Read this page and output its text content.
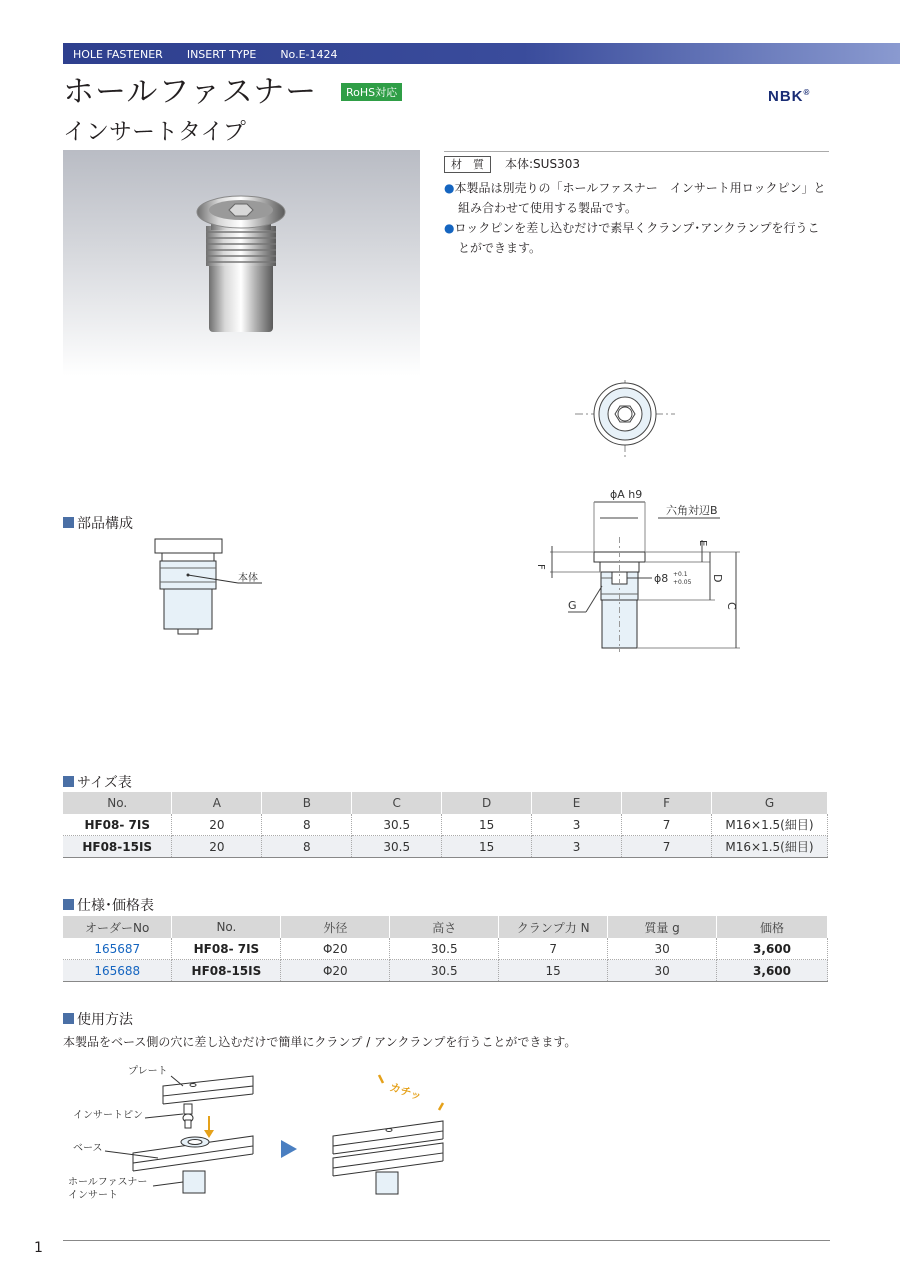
HOLE FASTENER INSERT TYPE No.E-1424
ホールファスナー	RoHS対応	NBK®
インサートタイプ
材　質	本体:SUS303
●本製品は別売りの「ホールファスナー　インサート用ロックピン」と
組み合わせて使用する製品です。
●ロックピンを差し込むだけで素早くクランプ･アンクランプを行うこ
とができます。
部品構成
本体
ϕA h9
六角対辺B
ϕ8 +0.1
+0.05
E
D
C
F
G
サイズ表
No.	A	B	C	D	E	F	G
HF08- 7IS	20	8	30.5	15	3	7	M16×1.5(細目)
HF08-15IS	20	8	30.5	15	3	7	M16×1.5(細目)
仕様･価格表
オーダーNo	No.	外径	高さ	クランプ力 N	質量 g	価格
165687	HF08- 7IS	Φ20	30.5	7	30	3,600
165688	HF08-15IS	Φ20	30.5	15	30	3,600
使用方法
本製品をベース側の穴に差し込むだけで簡単にクランプ / アンクランプを行うことができます。
プレート
インサートピン
ベース
ホールファスナー
インサート
カチッ
1
